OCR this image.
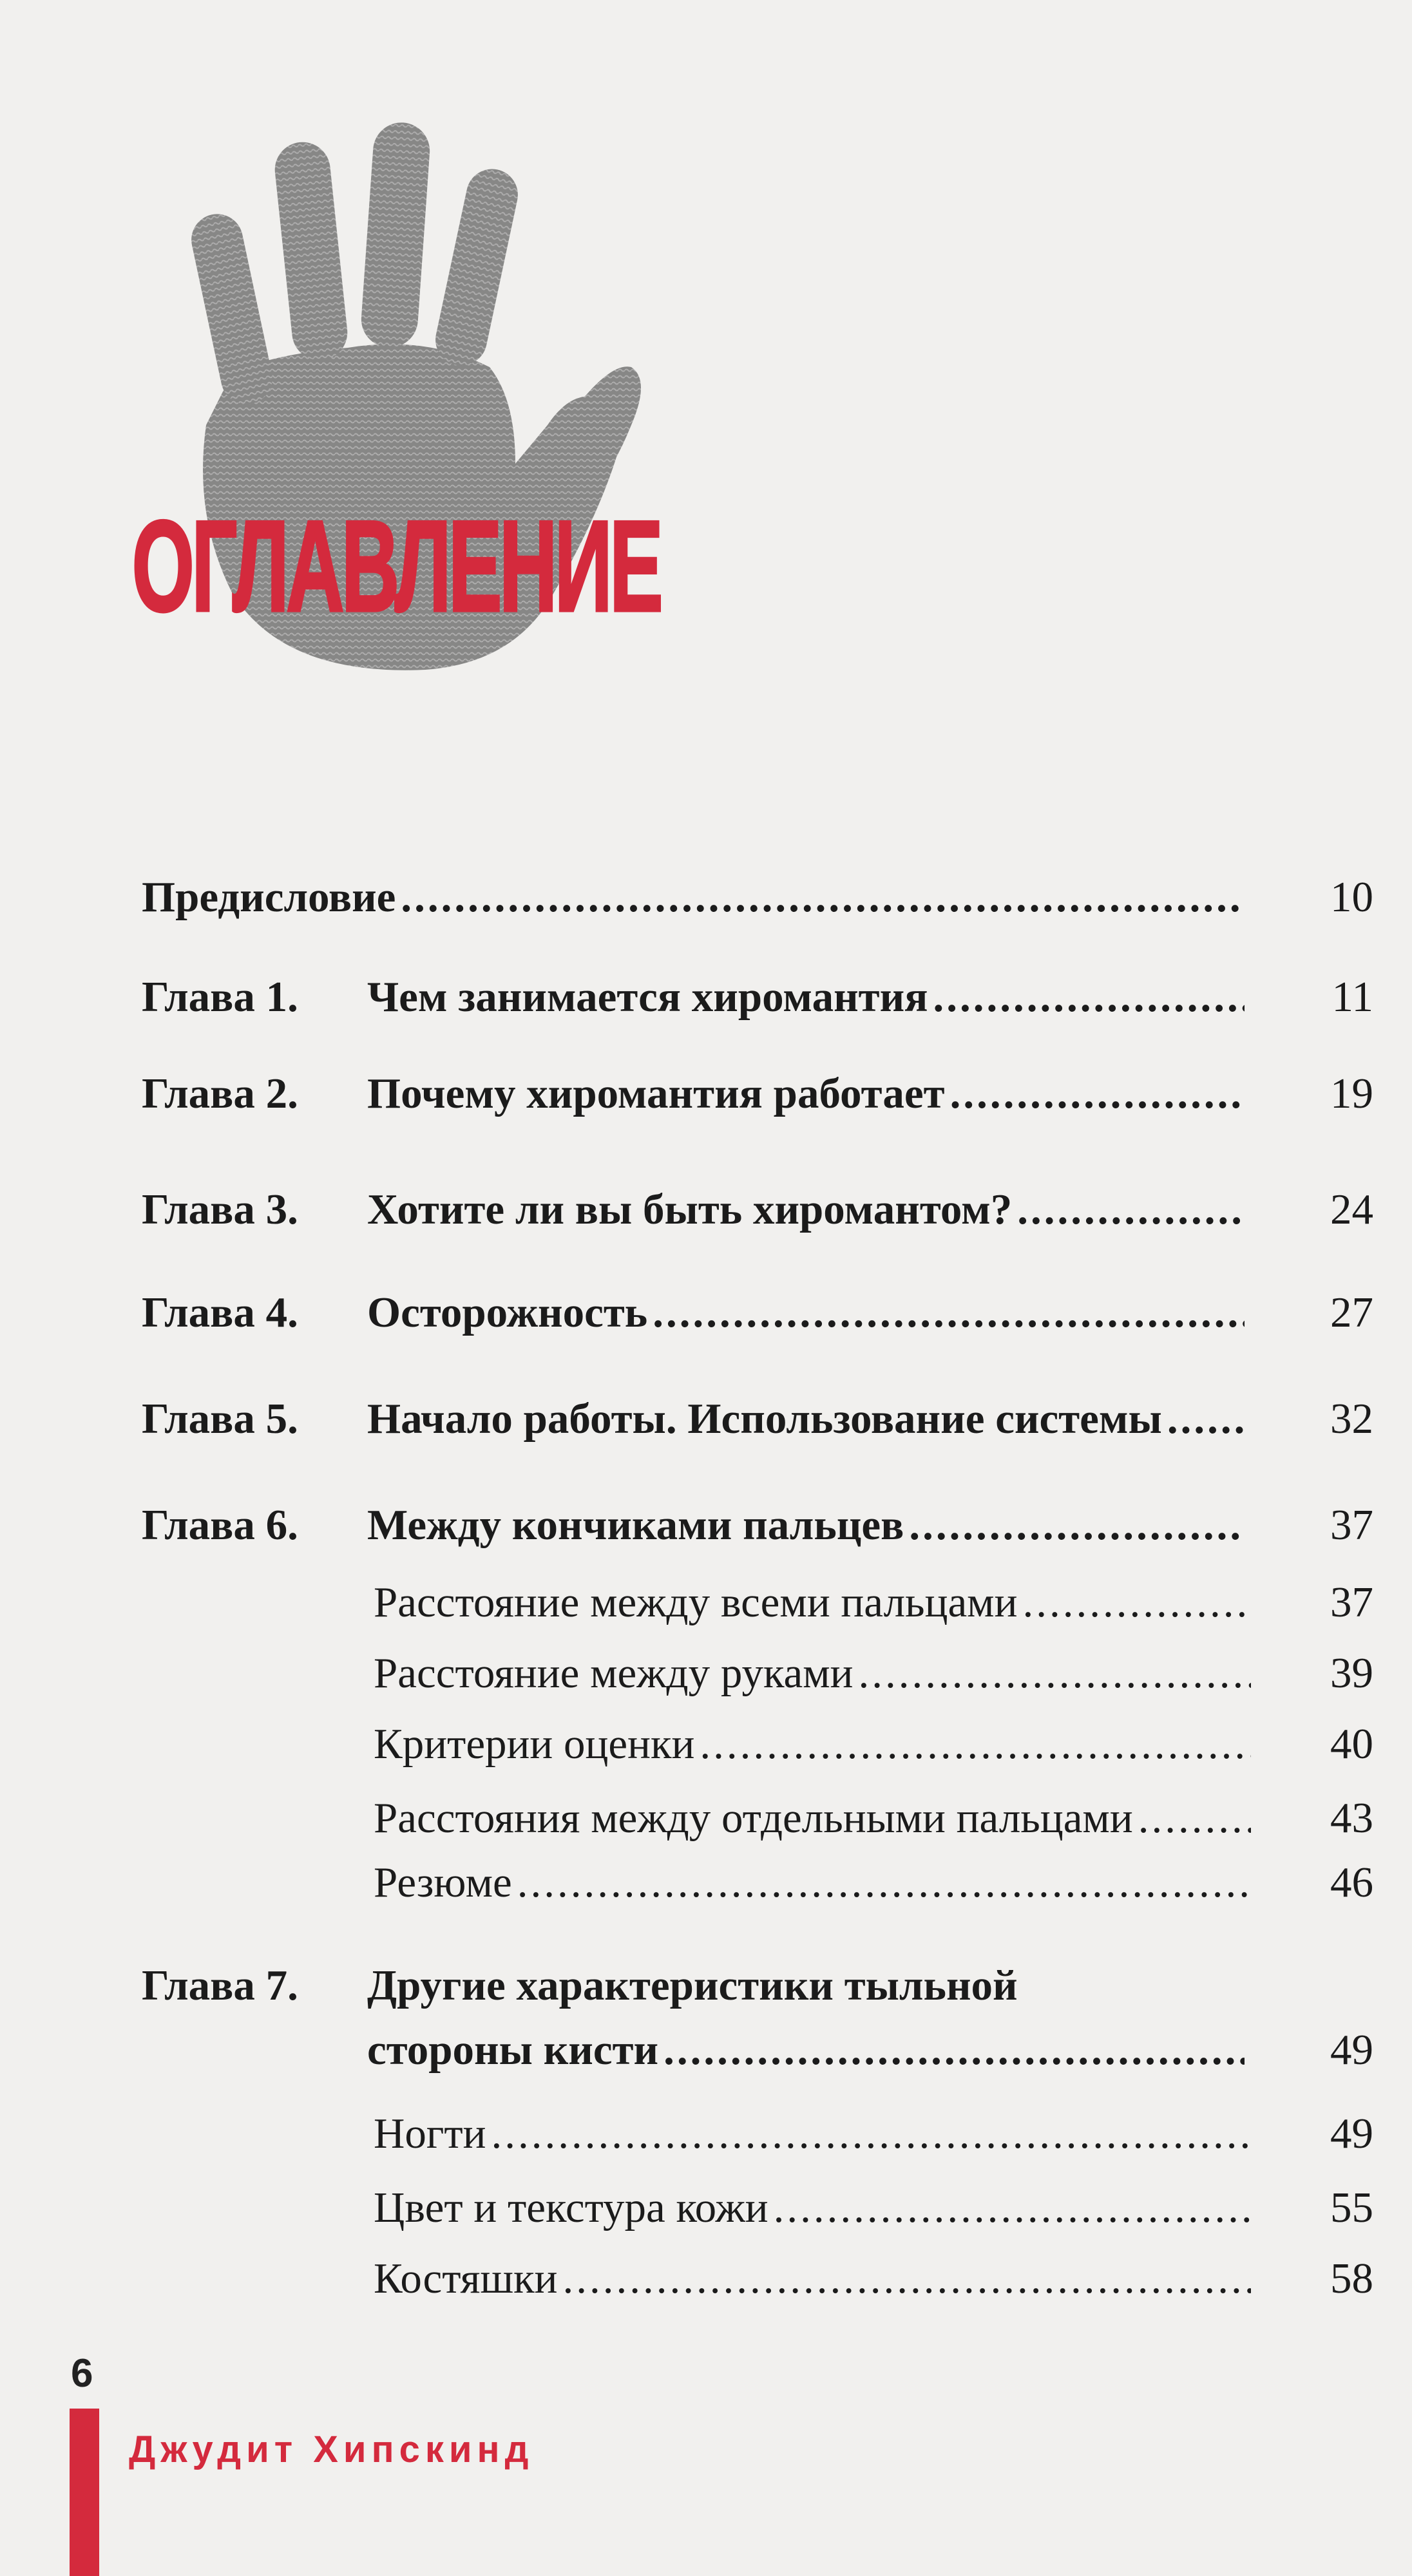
ОГЛАВЛЕНИЕ
Предисловие .....	10
Глава 1.	Чем занимается хиромантия .....	11
Глава 2.	Почему хиромантия работает .....	19
Глава 3.	Хотите ли вы быть хиромантом? .....	24
Глава 4.	Осторожность .....	27
Глава 5.	Начало работы. Использование системы .....	32
Глава 6.	Между кончиками пальцев .....	37
Расстояние между всеми пальцами .....	37
Расстояние между руками .....	39
Критерии оценки .....	40
Расстояния между отдельными пальцами .....	43
Резюме .....	46
Глава 7.	Другие характеристики тыльной
стороны кисти .....	49
Ногти .....	49
Цвет и текстура кожи .....	55
Костяшки .....	58
6
Джудит Хипскинд
